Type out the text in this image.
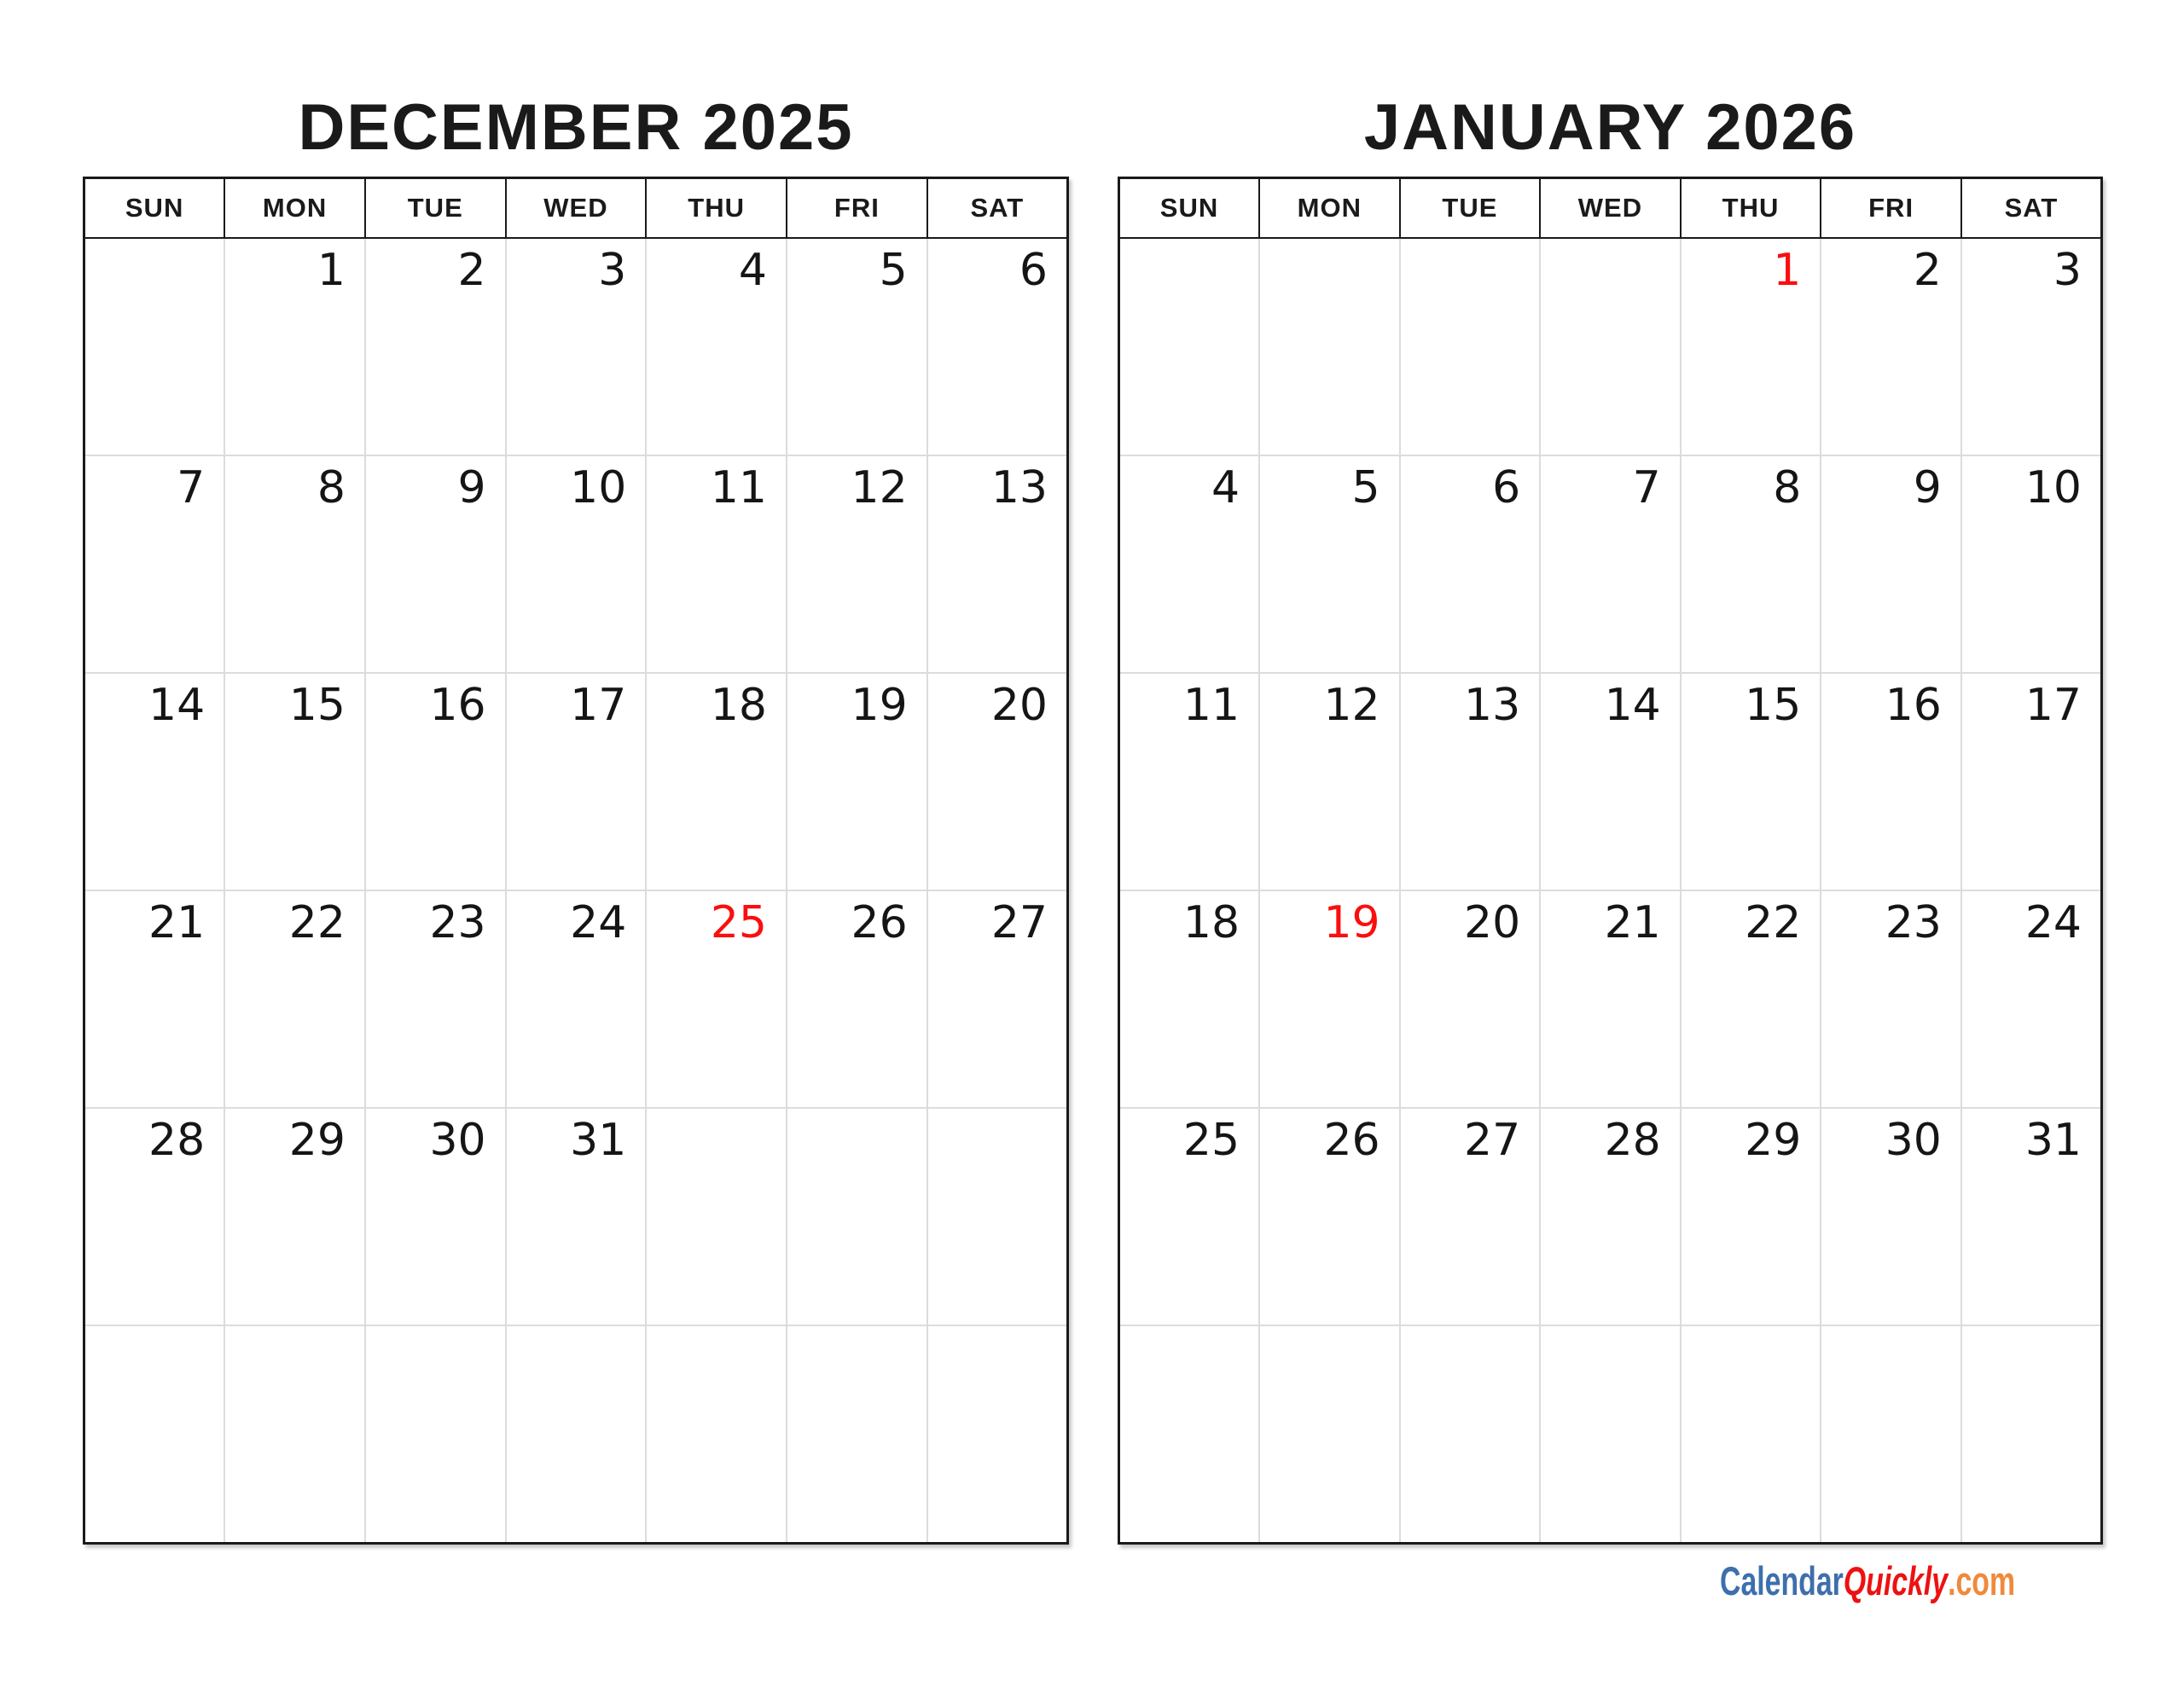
DECEMBER 2025
SUN	MON	TUE	WED	THU	FRI	SAT
	1	2	3	4	5	6
7	8	9	10	11	12	13
14	15	16	17	18	19	20
21	22	23	24	25	26	27
28	29	30	31			

JANUARY 2026
SUN	MON	TUE	WED	THU	FRI	SAT
				1	2	3
4	5	6	7	8	9	10
11	12	13	14	15	16	17
18	19	20	21	22	23	24
25	26	27	28	29	30	31

CalendarQuickly.com
